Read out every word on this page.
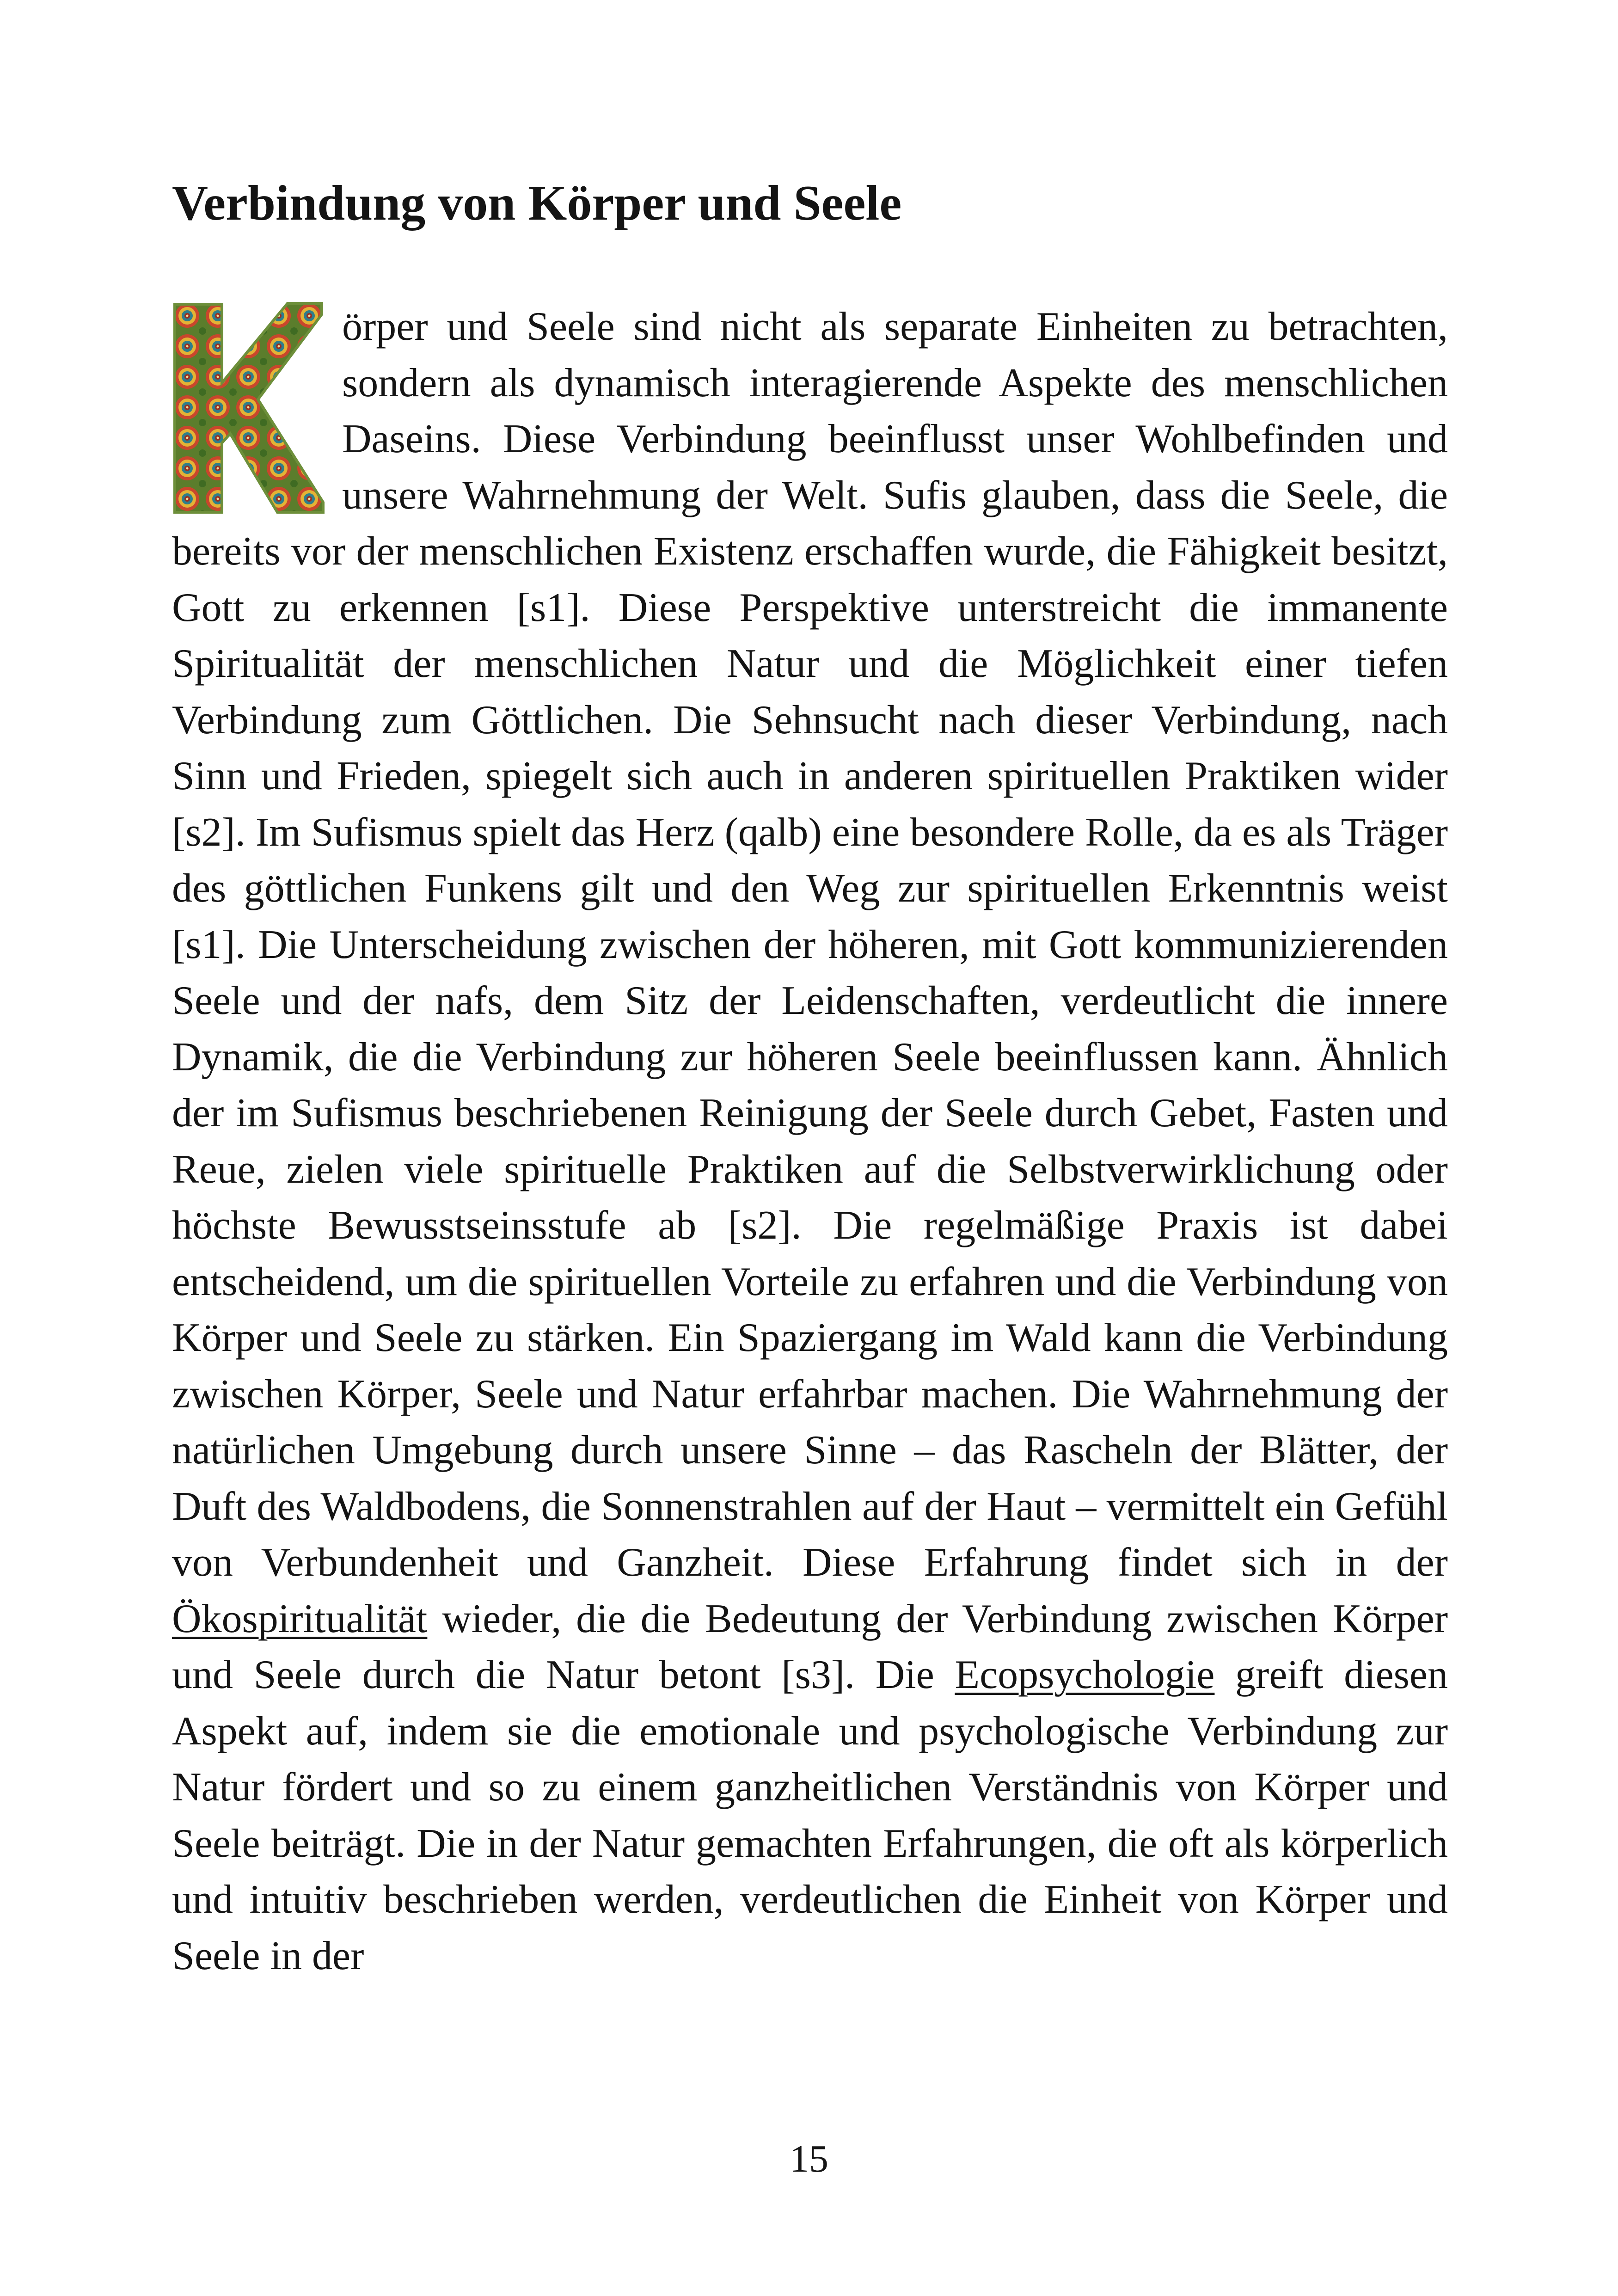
Verbindung von Körper und Seele

örper und Seele sind nicht als separate Einheiten zu betrachten, sondern als dynamisch interagierende Aspekte des menschlichen Daseins. Diese Verbindung beeinflusst unser Wohlbefinden und unsere Wahrnehmung der Welt. Sufis glauben, dass die Seele, die bereits vor der menschlichen Existenz erschaffen wurde, die Fähigkeit besitzt, Gott zu erkennen [s1]. Diese Perspektive unterstreicht die immanente Spiritualität der menschlichen Natur und die Möglichkeit einer tiefen Verbindung zum Göttlichen. Die Sehnsucht nach dieser Verbindung, nach Sinn und Frieden, spiegelt sich auch in anderen spirituellen Praktiken wider [s2]. Im Sufismus spielt das Herz (qalb) eine besondere Rolle, da es als Träger des göttlichen Funkens gilt und den Weg zur spirituellen Erkenntnis weist [s1]. Die Unterscheidung zwischen der höheren, mit Gott kommunizierenden Seele und der nafs, dem Sitz der Leidenschaften, verdeutlicht die innere Dynamik, die die Verbindung zur höheren Seele beeinflussen kann. Ähnlich der im Sufismus beschriebenen Reinigung der Seele durch Gebet, Fasten und Reue, zielen viele spirituelle Praktiken auf die Selbstverwirklichung oder höchste Bewusstseinsstufe ab [s2]. Die regelmäßige Praxis ist dabei entscheidend, um die spirituellen Vorteile zu erfahren und die Verbindung von Körper und Seele zu stärken. Ein Spaziergang im Wald kann die Verbindung zwischen Körper, Seele und Natur erfahrbar machen. Die Wahrnehmung der natürlichen Umgebung durch unsere Sinne – das Rascheln der Blätter, der Duft des Waldbodens, die Sonnenstrahlen auf der Haut – vermittelt ein Gefühl von Verbundenheit und Ganzheit. Diese Erfahrung findet sich in der Ökospiritualität wieder, die die Bedeutung der Verbindung zwischen Körper und Seele durch die Natur betont [s3]. Die Ecopsychologie greift diesen Aspekt auf, indem sie die emotionale und psychologische Verbindung zur Natur fördert und so zu einem ganzheitlichen Verständnis von Körper und Seele beiträgt. Die in der Natur gemachten Erfahrungen, die oft als körperlich und intuitiv beschrieben werden, verdeutlichen die Einheit von Körper und Seele in der

15
